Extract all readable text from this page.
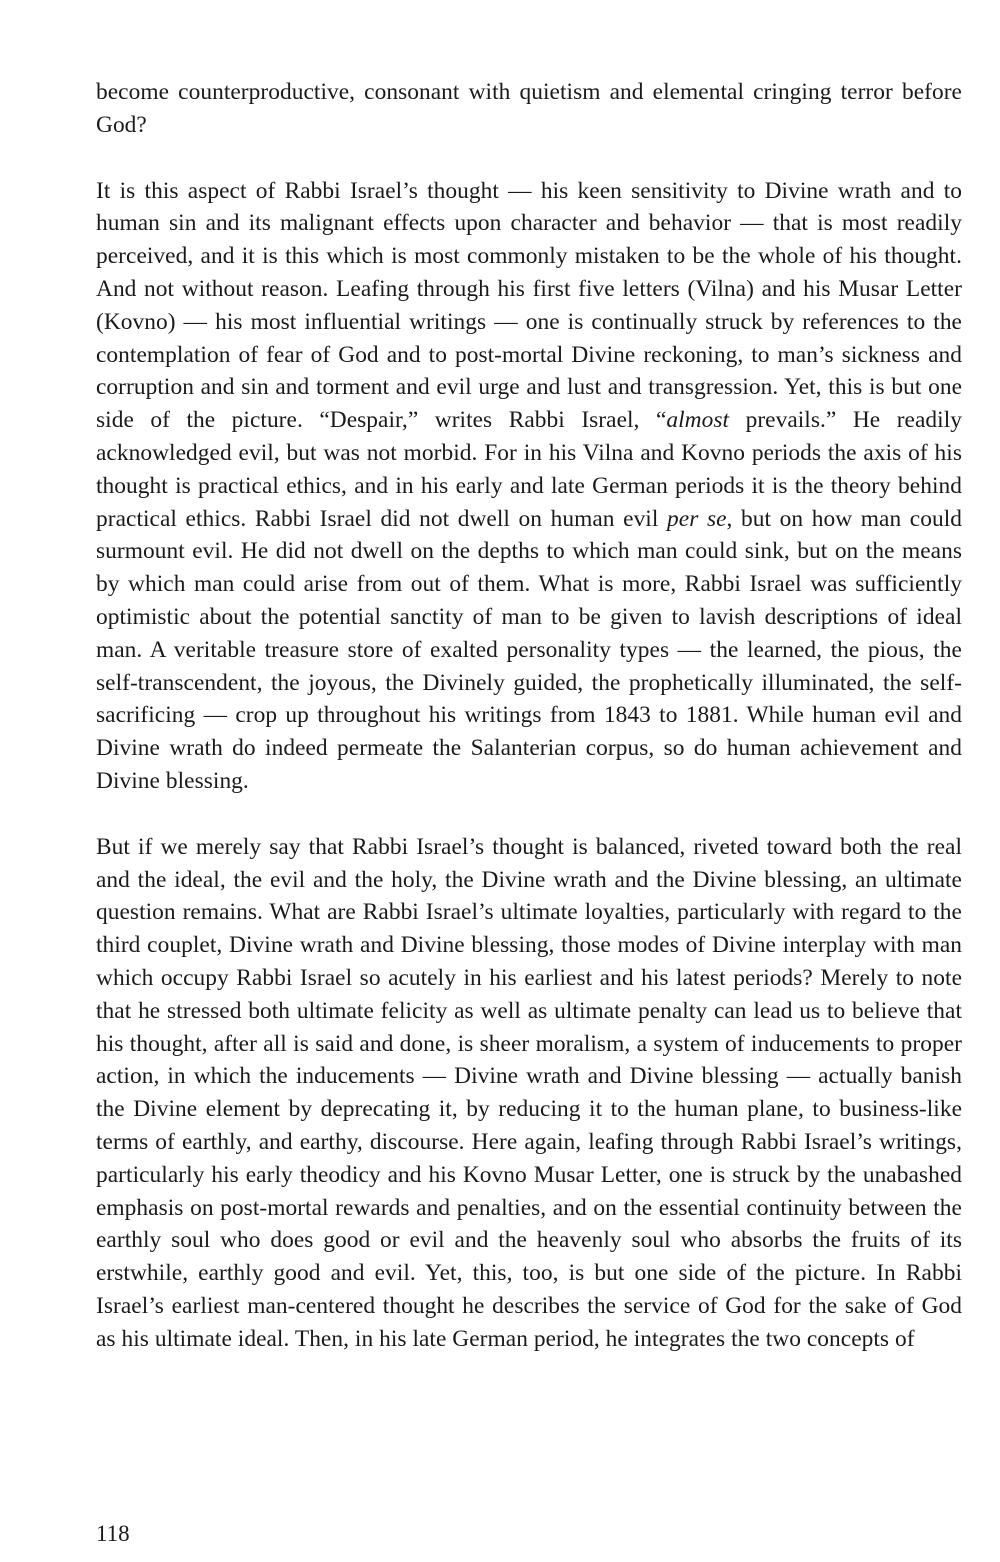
become counterproductive, consonant with quietism and elemental cringing terror before God?

It is this aspect of Rabbi Israel’s thought — his keen sensitivity to Divine wrath and to human sin and its malignant effects upon character and behavior — that is most readily perceived, and it is this which is most commonly mistaken to be the whole of his thought. And not without reason. Leafing through his first five letters (Vilna) and his Musar Letter (Kovno) — his most influential writings — one is continually struck by references to the contemplation of fear of God and to post-mortal Divine reckoning, to man’s sickness and corruption and sin and torment and evil urge and lust and transgression. Yet, this is but one side of the picture. “Despair,” writes Rabbi Israel, “almost prevails.” He readily acknowledged evil, but was not morbid. For in his Vilna and Kovno periods the axis of his thought is practical ethics, and in his early and late German periods it is the theory behind practical ethics. Rabbi Israel did not dwell on human evil per se, but on how man could surmount evil. He did not dwell on the depths to which man could sink, but on the means by which man could arise from out of them. What is more, Rabbi Israel was sufficiently optimistic about the potential sanctity of man to be given to lavish descriptions of ideal man. A veritable treasure store of exalted personality types — the learned, the pious, the self-transcendent, the joyous, the Divinely guided, the prophetically illuminated, the self-sacrificing — crop up throughout his writings from 1843 to 1881. While human evil and Divine wrath do indeed permeate the Salanterian corpus, so do human achievement and Divine blessing.

But if we merely say that Rabbi Israel’s thought is balanced, riveted toward both the real and the ideal, the evil and the holy, the Divine wrath and the Divine blessing, an ultimate question remains. What are Rabbi Israel’s ultimate loyalties, particularly with regard to the third couplet, Divine wrath and Divine blessing, those modes of Divine interplay with man which occupy Rabbi Israel so acutely in his earliest and his latest periods? Merely to note that he stressed both ultimate felicity as well as ultimate penalty can lead us to believe that his thought, after all is said and done, is sheer moralism, a system of inducements to proper action, in which the inducements — Divine wrath and Divine blessing — actually banish the Divine element by deprecating it, by reducing it to the human plane, to business-like terms of earthly, and earthy, discourse. Here again, leafing through Rabbi Israel’s writings, particularly his early theodicy and his Kovno Musar Letter, one is struck by the unabashed emphasis on post-mortal rewards and penalties, and on the essential continuity between the earthly soul who does good or evil and the heavenly soul who absorbs the fruits of its erstwhile, earthly good and evil. Yet, this, too, is but one side of the picture. In Rabbi Israel’s earliest man-centered thought he describes the service of God for the sake of God as his ultimate ideal. Then, in his late German period, he integrates the two concepts of

118
